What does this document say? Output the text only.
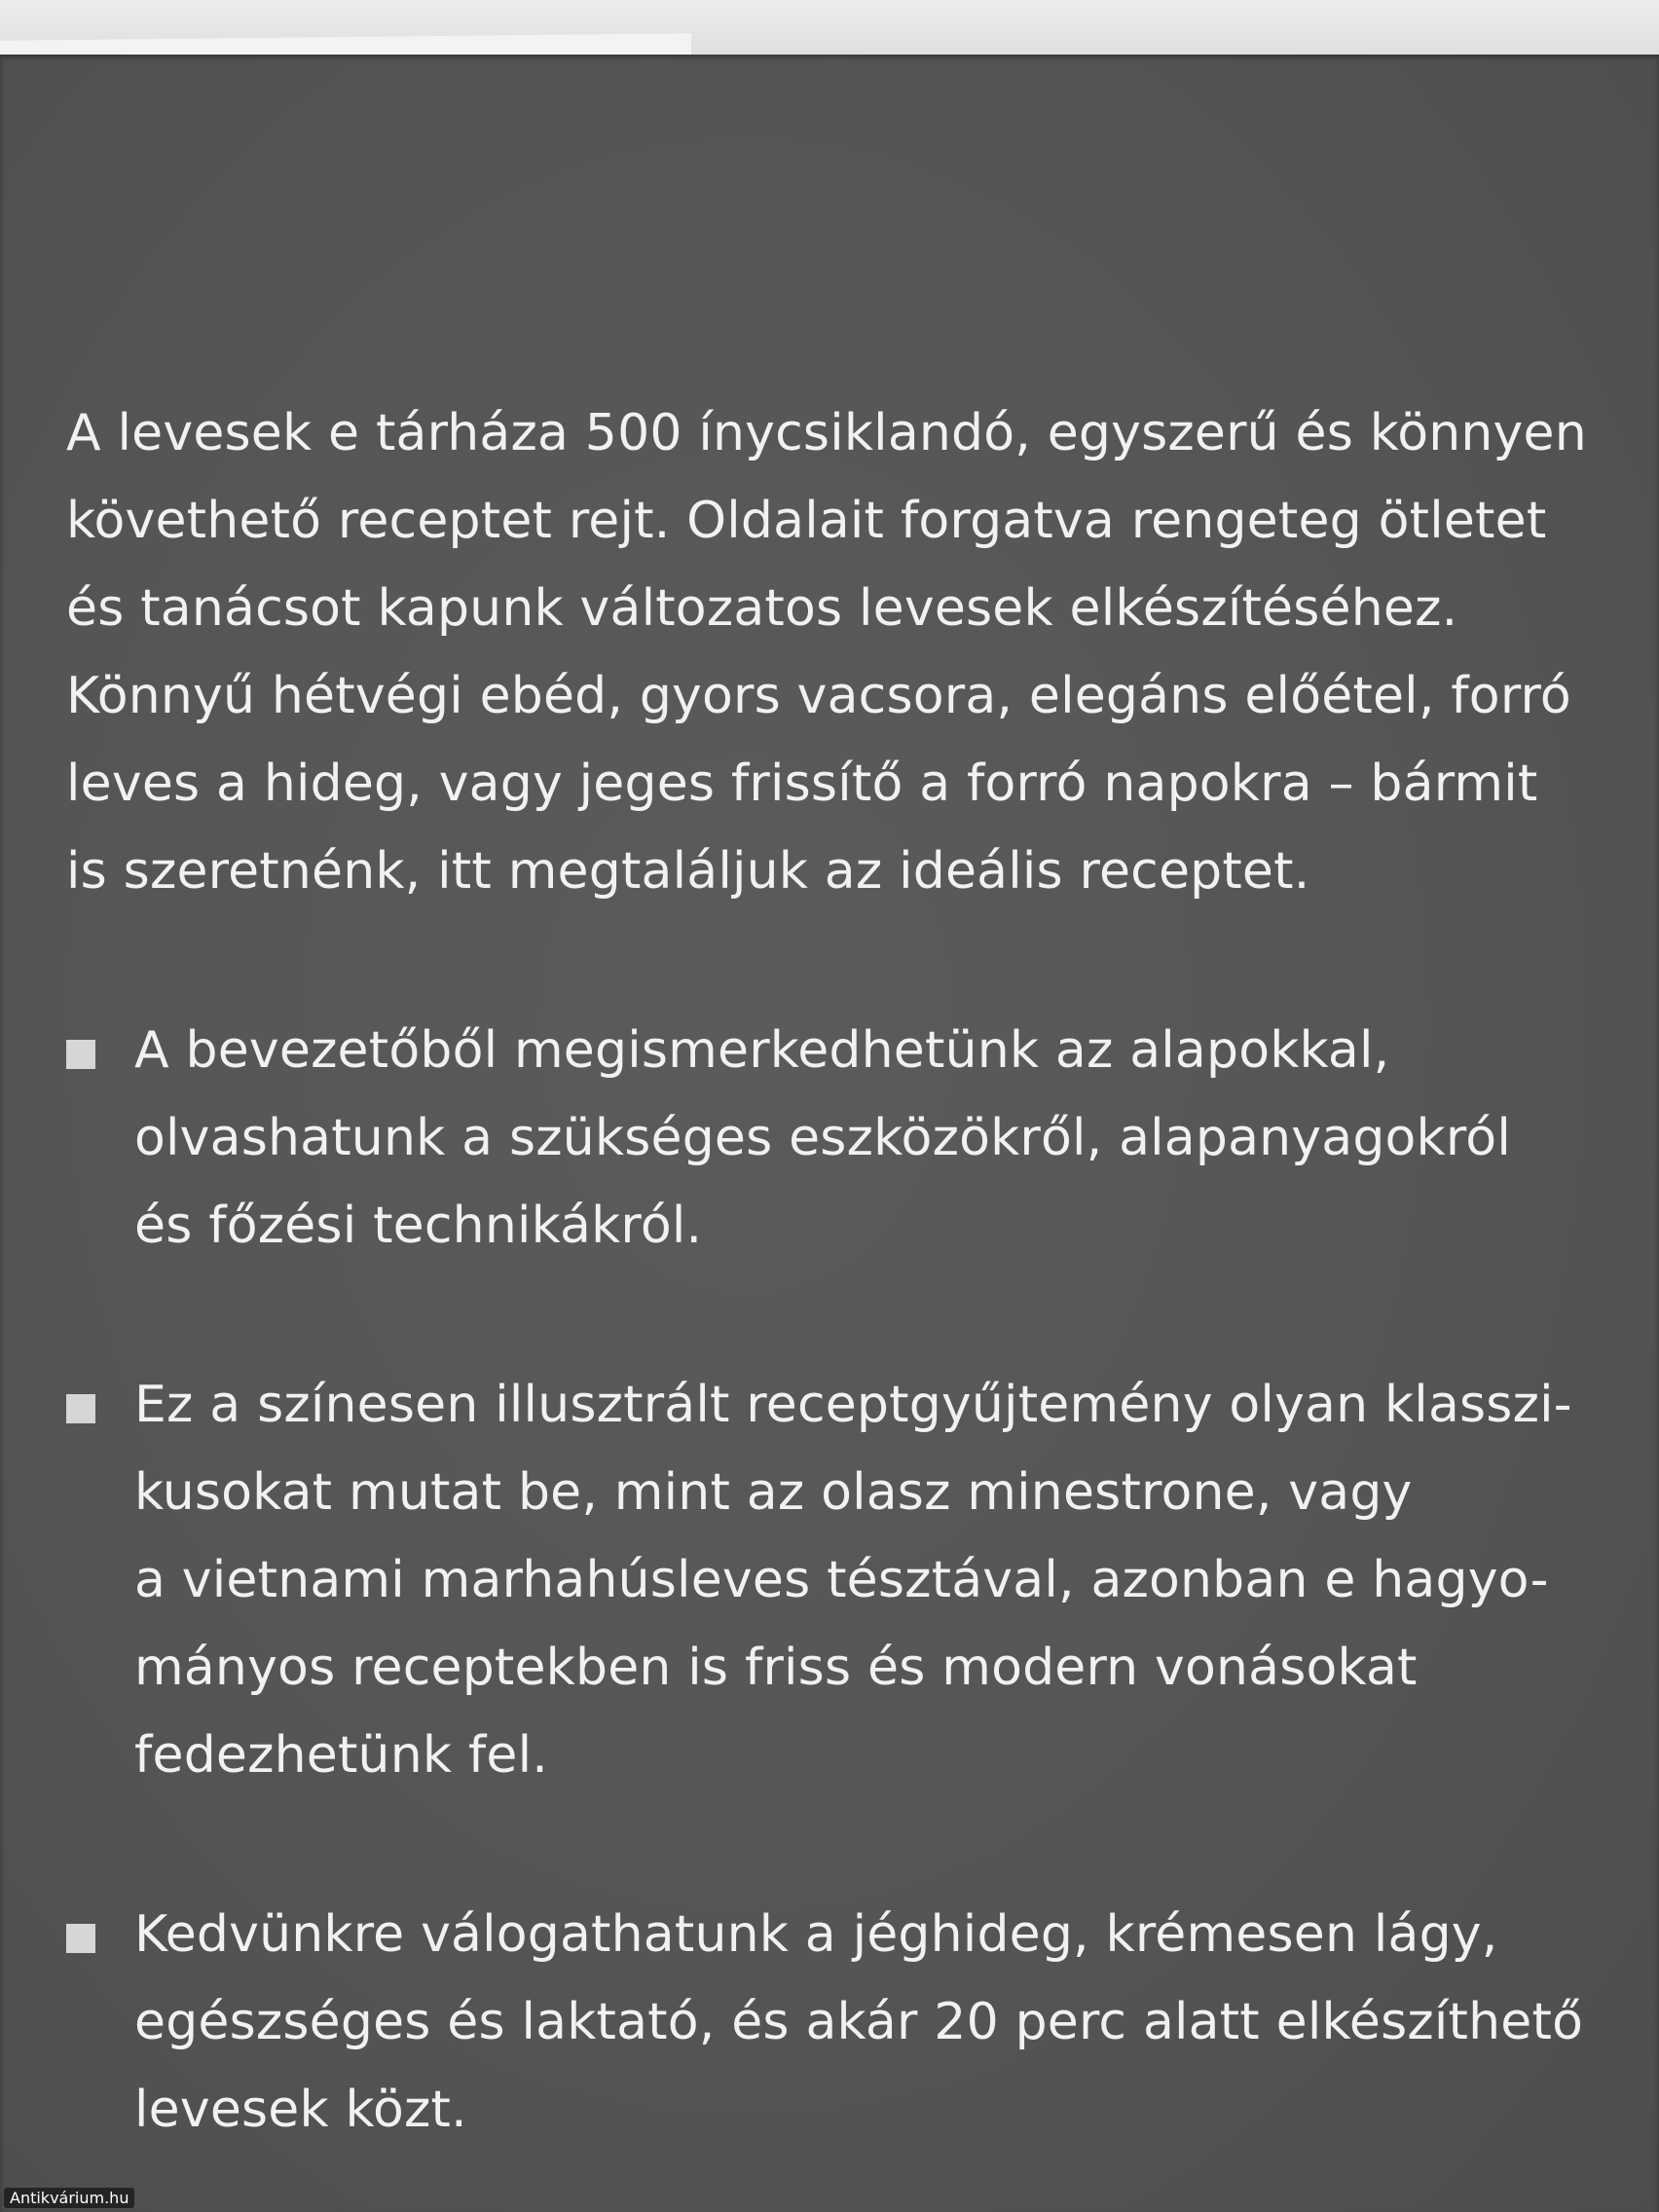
A levesek e tárháza 500 ínycsiklandó, egyszerű és könnyen
követhető receptet rejt. Oldalait forgatva rengeteg ötletet
és tanácsot kapunk változatos levesek elkészítéséhez.
Könnyű hétvégi ebéd, gyors vacsora, elegáns előétel, forró
leves a hideg, vagy jeges frissítő a forró napokra – bármit
is szeretnénk, itt megtaláljuk az ideális receptet.

A bevezetőből megismerkedhetünk az alapokkal,
olvashatunk a szükséges eszközökről, alapanyagokról
és főzési technikákról.

Ez a színesen illusztrált receptgyűjtemény olyan klasszi-
kusokat mutat be, mint az olasz minestrone, vagy
a vietnami marhahúsleves tésztával, azonban e hagyo-
mányos receptekben is friss és modern vonásokat
fedezhetünk fel.

Kedvünkre válogathatunk a jéghideg, krémesen lágy,
egészséges és laktató, és akár 20 perc alatt elkészíthető
levesek közt.

Antikvárium.hu
